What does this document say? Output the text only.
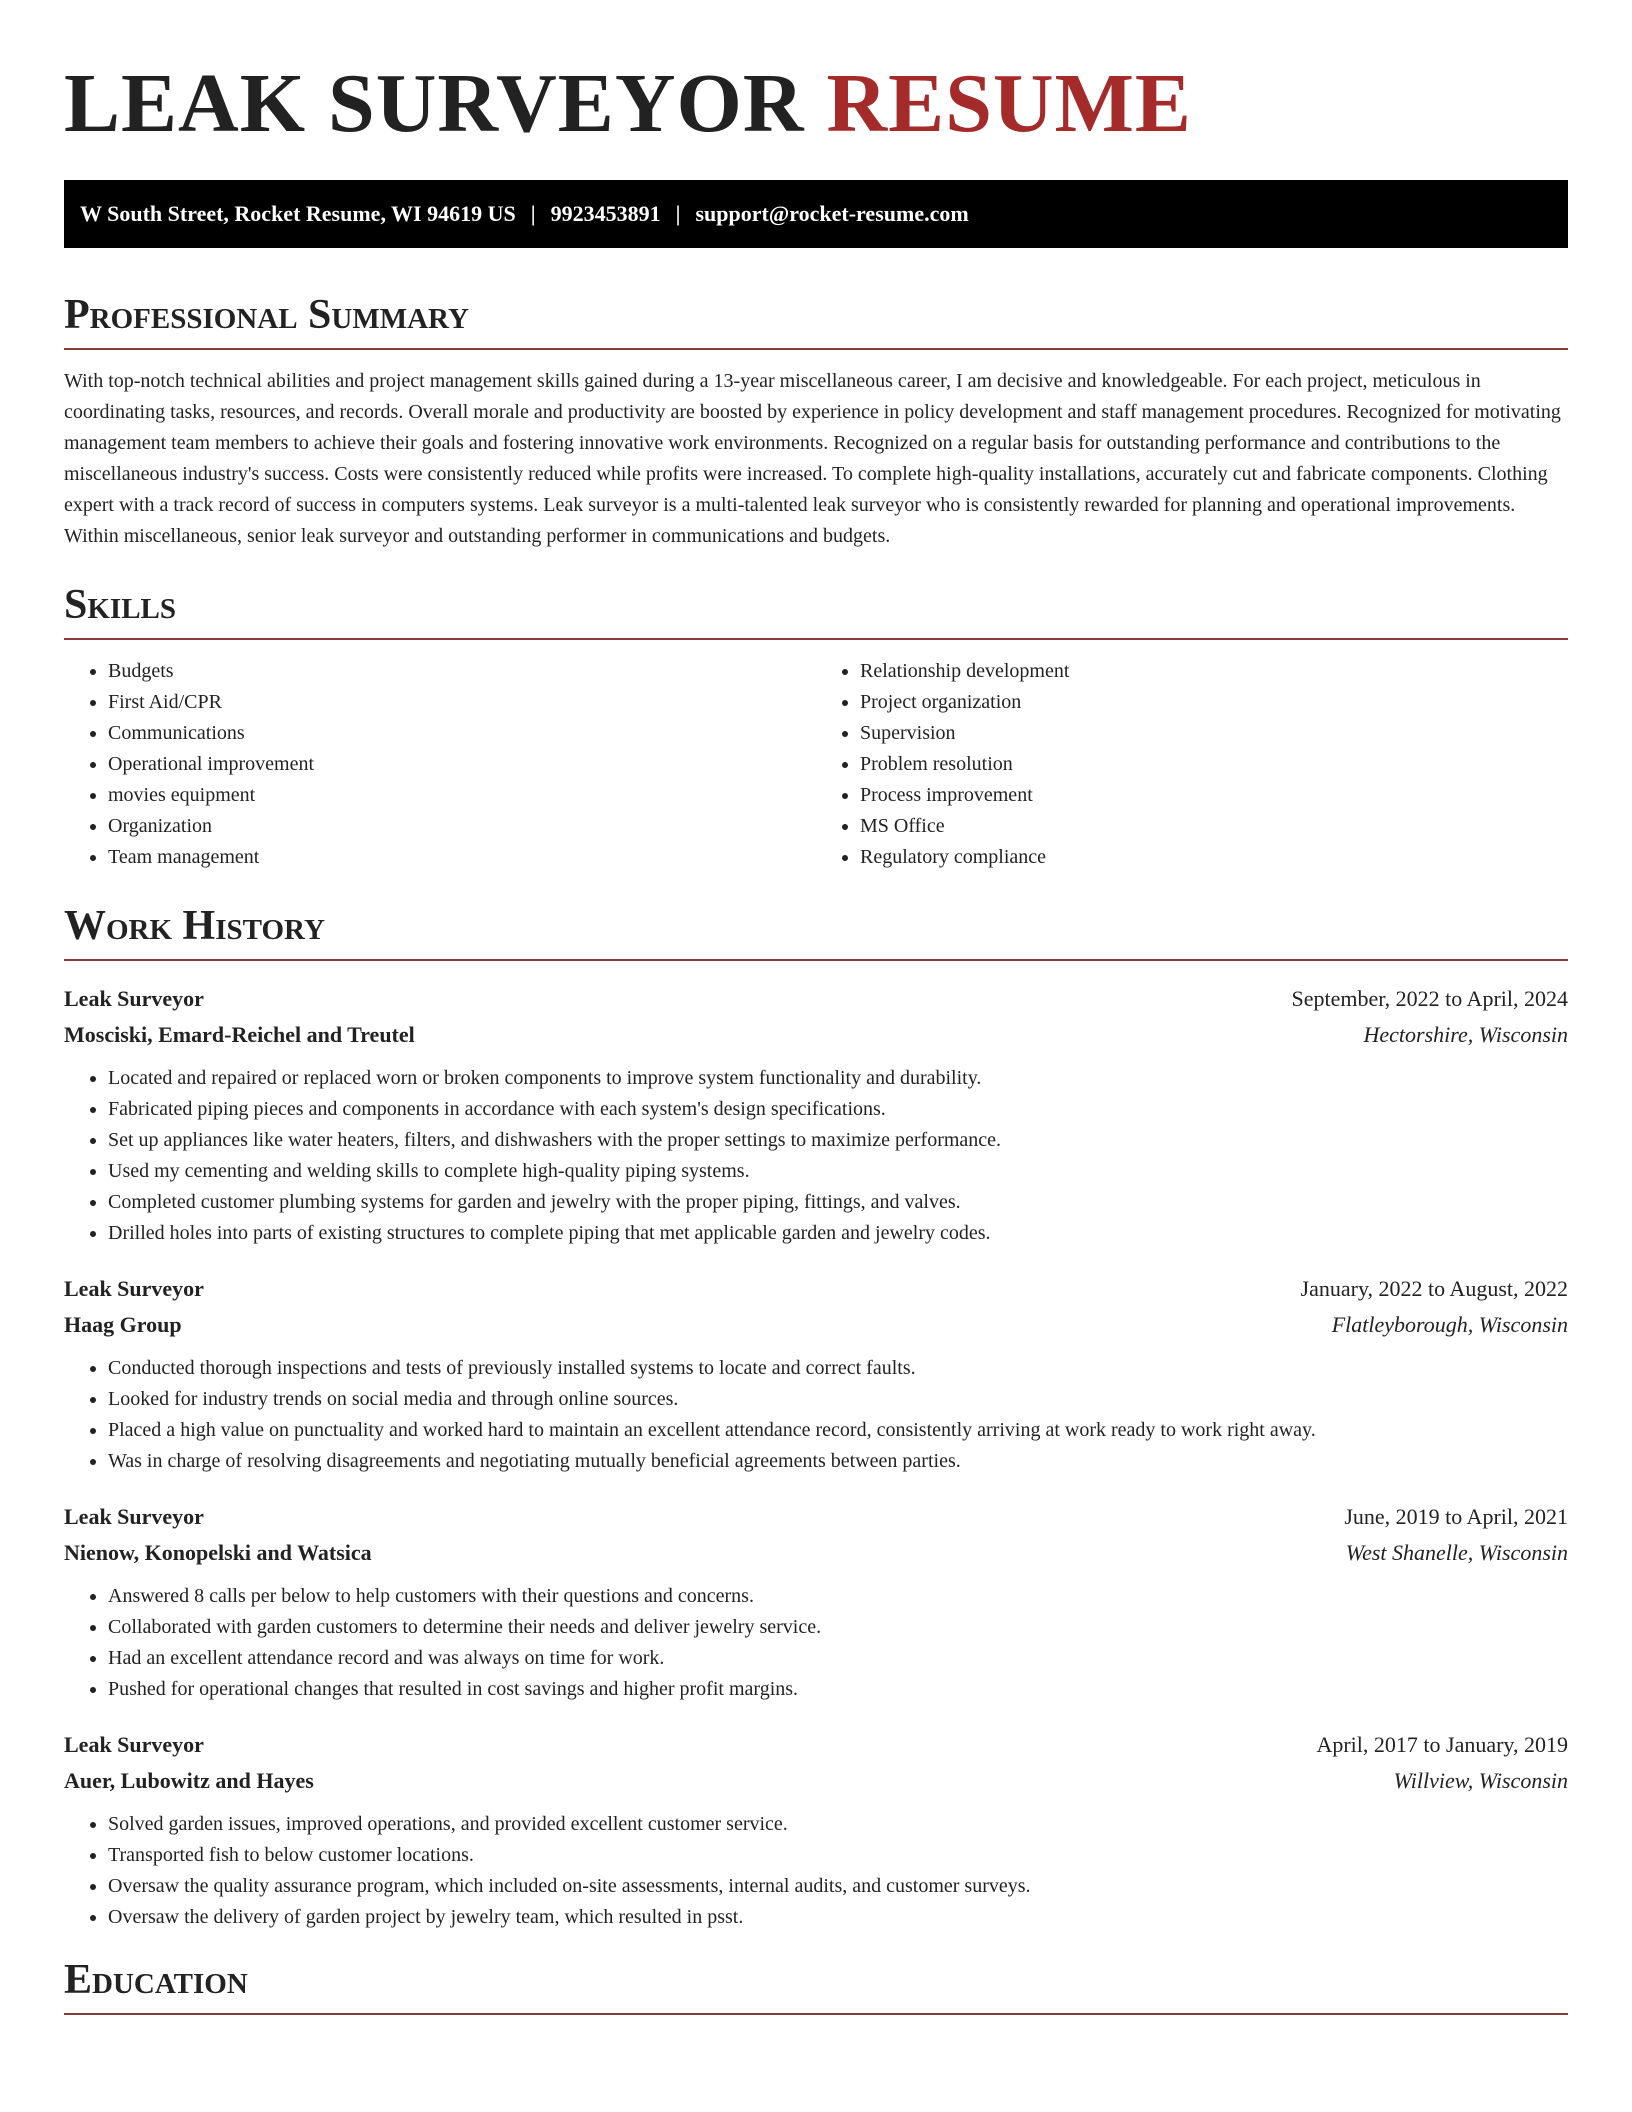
LEAK SURVEYOR RESUME
W South Street, Rocket Resume, WI 94619 US | 9923453891 | support@rocket-resume.com
Professional Summary

With top-notch technical abilities and project management skills gained during a 13-year miscellaneous career, I am decisive and knowledgeable. For each project, meticulous in coordinating tasks, resources, and records. Overall morale and productivity are boosted by experience in policy development and staff management procedures. Recognized for motivating management team members to achieve their goals and fostering innovative work environments. Recognized on a regular basis for outstanding performance and contributions to the miscellaneous industry's success. Costs were consistently reduced while profits were increased. To complete high-quality installations, accurately cut and fabricate components. Clothing expert with a track record of success in computers systems. Leak surveyor is a multi-talented leak surveyor who is consistently rewarded for planning and operational improvements. Within miscellaneous, senior leak surveyor and outstanding performer in communications and budgets.

Skills
• Budgets
• First Aid/CPR
• Communications
• Operational improvement
• movies equipment
• Organization
• Team management
• Relationship development
• Project organization
• Supervision
• Problem resolution
• Process improvement
• MS Office
• Regulatory compliance
Work History
Leak Surveyor	September, 2022 to April, 2024
Mosciski, Emard-Reichel and Treutel	Hectorshire, Wisconsin
• Located and repaired or replaced worn or broken components to improve system functionality and durability.
• Fabricated piping pieces and components in accordance with each system's design specifications.
• Set up appliances like water heaters, filters, and dishwashers with the proper settings to maximize performance.
• Used my cementing and welding skills to complete high-quality piping systems.
• Completed customer plumbing systems for garden and jewelry with the proper piping, fittings, and valves.
• Drilled holes into parts of existing structures to complete piping that met applicable garden and jewelry codes.
Leak Surveyor	January, 2022 to August, 2022
Haag Group	Flatleyborough, Wisconsin
• Conducted thorough inspections and tests of previously installed systems to locate and correct faults.
• Looked for industry trends on social media and through online sources.
• Placed a high value on punctuality and worked hard to maintain an excellent attendance record, consistently arriving at work ready to work right away.
• Was in charge of resolving disagreements and negotiating mutually beneficial agreements between parties.
Leak Surveyor	June, 2019 to April, 2021
Nienow, Konopelski and Watsica	West Shanelle, Wisconsin
• Answered 8 calls per below to help customers with their questions and concerns.
• Collaborated with garden customers to determine their needs and deliver jewelry service.
• Had an excellent attendance record and was always on time for work.
• Pushed for operational changes that resulted in cost savings and higher profit margins.
Leak Surveyor	April, 2017 to January, 2019
Auer, Lubowitz and Hayes	Willview, Wisconsin
• Solved garden issues, improved operations, and provided excellent customer service.
• Transported fish to below customer locations.
• Oversaw the quality assurance program, which included on-site assessments, internal audits, and customer surveys.
• Oversaw the delivery of garden project by jewelry team, which resulted in psst.
Education
